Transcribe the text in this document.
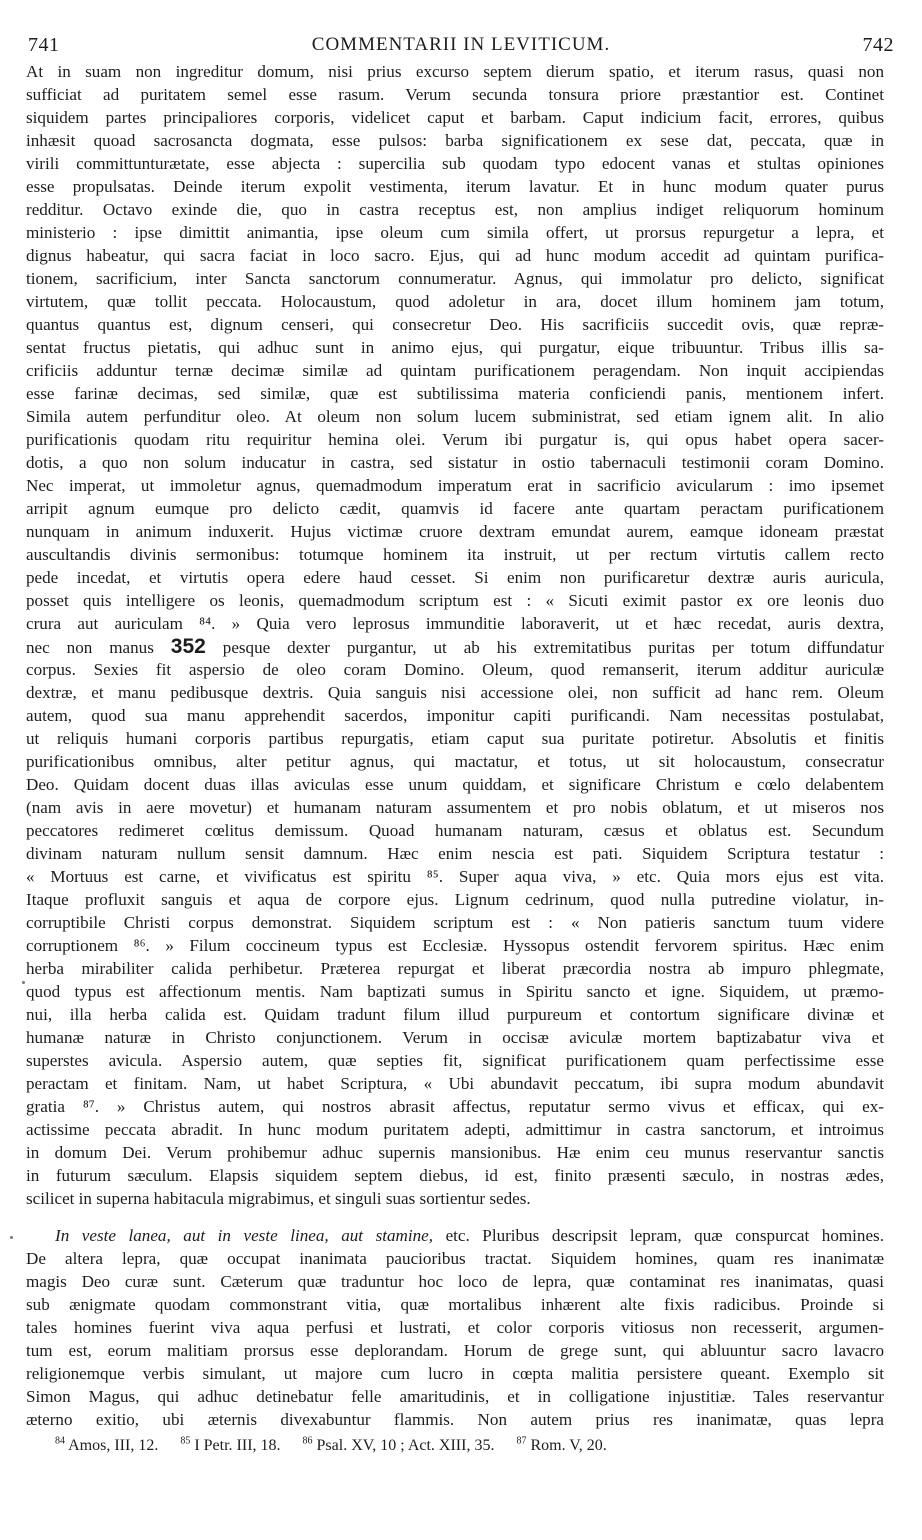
741	COMMENTARII IN LEVITICUM.	742
At in suam non ingreditur domum, nisi prius excurso septem dierum spatio, et iterum rasus, quasi non
sufficiat ad puritatem semel esse rasum. Verum secunda tonsura priore præstantior est. Continet
siquidem partes principaliores corporis, videlicet caput et barbam. Caput indicium facit, errores, quibus
inhæsit quoad sacrosancta dogmata, esse pulsos: barba significationem ex sese dat, peccata, quæ in
virili committunturætate, esse abjecta : supercilia sub quodam typo edocent vanas et stultas opiniones
esse propulsatas. Deinde iterum expolit vestimenta, iterum lavatur. Et in hunc modum quater purus
redditur. Octavo exinde die, quo in castra receptus est, non amplius indiget reliquorum hominum
ministerio : ipse dimittit animantia, ipse oleum cum simila offert, ut prorsus repurgetur a lepra, et
dignus habeatur, qui sacra faciat in loco sacro. Ejus, qui ad hunc modum accedit ad quintam purifica-
tionem, sacrificium, inter Sancta sanctorum connumeratur. Agnus, qui immolatur pro delicto, significat
virtutem, quæ tollit peccata. Holocaustum, quod adoletur in ara, docet illum hominem jam totum,
quantus quantus est, dignum censeri, qui consecretur Deo. His sacrificiis succedit ovis, quæ repræ-
sentat fructus pietatis, qui adhuc sunt in animo ejus, qui purgatur, eique tribuuntur. Tribus illis sa-
crificiis adduntur ternæ decimæ similæ ad quintam purificationem peragendam. Non inquit accipiendas
esse farinæ decimas, sed similæ, quæ est subtilissima materia conficiendi panis, mentionem infert.
Simila autem perfunditur oleo. At oleum non solum lucem subministrat, sed etiam ignem alit. In alio
purificationis quodam ritu requiritur hemina olei. Verum ibi purgatur is, qui opus habet opera sacer-
dotis, a quo non solum inducatur in castra, sed sistatur in ostio tabernaculi testimonii coram Domino.
Nec imperat, ut immoletur agnus, quemadmodum imperatum erat in sacrificio avicularum : imo ipsemet
arripit agnum eumque pro delicto cædit, quamvis id facere ante quartam peractam purificationem
nunquam in animum induxerit. Hujus victimæ cruore dextram emundat aurem, eamque idoneam præstat
auscultandis divinis sermonibus: totumque hominem ita instruit, ut per rectum virtutis callem recto
pede incedat, et virtutis opera edere haud cesset. Si enim non purificaretur dextræ auris auricula,
posset quis intelligere os leonis, quemadmodum scriptum est : « Sicuti eximit pastor ex ore leonis duo
crura aut auriculam ⁸⁴. » Quia vero leprosus immunditie laboraverit, ut et hæc recedat, auris dextra,
nec non manus 352 pesque dexter purgantur, ut ab his extremitatibus puritas per totum diffundatur
corpus. Sexies fit aspersio de oleo coram Domino. Oleum, quod remanserit, iterum additur auriculæ
dextræ, et manu pedibusque dextris. Quia sanguis nisi accessione olei, non sufficit ad hanc rem. Oleum
autem, quod sua manu apprehendit sacerdos, imponitur capiti purificandi. Nam necessitas postulabat,
ut reliquis humani corporis partibus repurgatis, etiam caput sua puritate potiretur. Absolutis et finitis
purificationibus omnibus, alter petitur agnus, qui mactatur, et totus, ut sit holocaustum, consecratur
Deo. Quidam docent duas illas aviculas esse unum quiddam, et significare Christum e cœlo delabentem
(nam avis in aere movetur) et humanam naturam assumentem et pro nobis oblatum, et ut miseros nos
peccatores redimeret cœlitus demissum. Quoad humanam naturam, cæsus et oblatus est. Secundum
divinam naturam nullum sensit damnum. Hæc enim nescia est pati. Siquidem Scriptura testatur :
« Mortuus est carne, et vivificatus est spiritu ⁸⁵. Super aqua viva, » etc. Quia mors ejus est vita.
Itaque profluxit sanguis et aqua de corpore ejus. Lignum cedrinum, quod nulla putredine violatur, in-
corruptibile Christi corpus demonstrat. Siquidem scriptum est : « Non patieris sanctum tuum videre
corruptionem ⁸⁶. » Filum coccineum typus est Ecclesiæ. Hyssopus ostendit fervorem spiritus. Hæc enim
herba mirabiliter calida perhibetur. Præterea repurgat et liberat præcordia nostra ab impuro phlegmate,
quod typus est affectionum mentis. Nam baptizati sumus in Spiritu sancto et igne. Siquidem, ut præmo-
nui, illa herba calida est. Quidam tradunt filum illud purpureum et contortum significare divinæ et
humanæ naturæ in Christo conjunctionem. Verum in occisæ aviculæ mortem baptizabatur viva et
superstes avicula. Aspersio autem, quæ septies fit, significat purificationem quam perfectissime esse
peractam et finitam. Nam, ut habet Scriptura, « Ubi abundavit peccatum, ibi supra modum abundavit
gratia ⁸⁷. » Christus autem, qui nostros abrasit affectus, reputatur sermo vivus et efficax, qui ex-
actissime peccata abradit. In hunc modum puritatem adepti, admittimur in castra sanctorum, et introimus
in domum Dei. Verum prohibemur adhuc supernis mansionibus. Hæ enim ceu munus reservantur sanctis
in futurum sæculum. Elapsis siquidem septem diebus, id est, finito præsenti sæculo, in nostras ædes,
scilicet in superna habitacula migrabimus, et singuli suas sortientur sedes.
In veste lanea, aut in veste linea, aut stamine, etc. Pluribus descripsit lepram, quæ conspurcat homines.
De altera lepra, quæ occupat inanimata paucioribus tractat. Siquidem homines, quam res inanimatæ
magis Deo curæ sunt. Cæterum quæ traduntur hoc loco de lepra, quæ contaminat res inanimatas, quasi
sub ænigmate quodam commonstrant vitia, quæ mortalibus inhærent alte fixis radicibus. Proinde si
tales homines fuerint viva aqua perfusi et lustrati, et color corporis vitiosus non recesserit, argumen-
tum est, eorum malitiam prorsus esse deplorandam. Horum de grege sunt, qui abluuntur sacro lavacro
religionemque verbis simulant, ut majore cum lucro in cœpta malitia persistere queant. Exemplo sit
Simon Magus, qui adhuc detinebatur felle amaritudinis, et in colligatione injustitiæ. Tales reservantur
æterno exitio, ubi æternis divexabuntur flammis. Non autem prius res inanimatæ, quas lepra
$^{84}$ Amos, III, 12. $^{85}$ I Petr. III, 18. $^{86}$ Psal. XV, 10 ; Act. XIII, 35. $^{87}$ Rom. V, 20.
